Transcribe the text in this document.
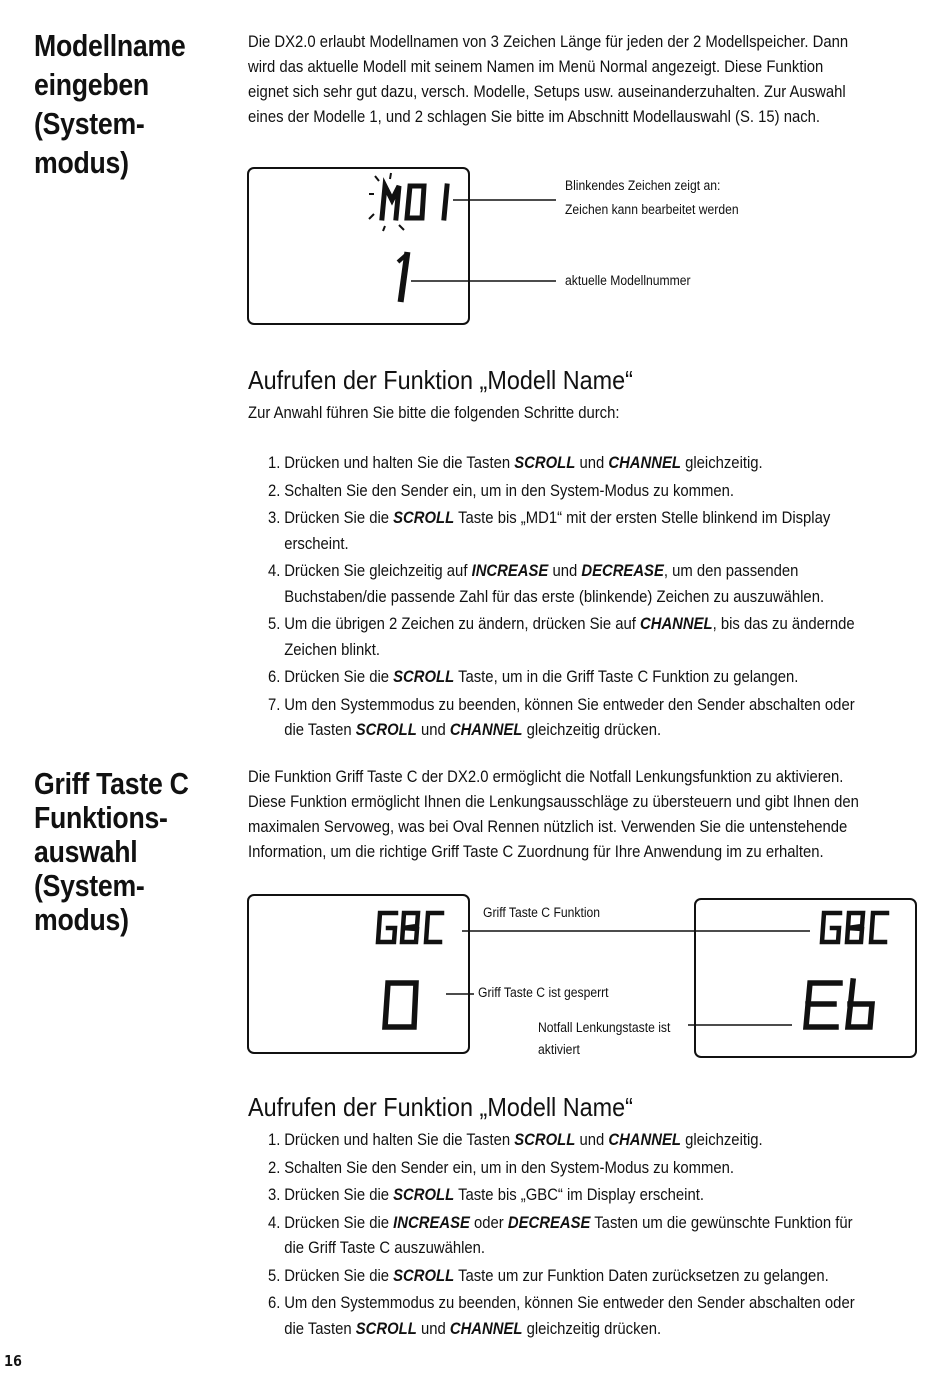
Modellname
eingeben
(System-
modus)
Die DX2.0 erlaubt Modellnamen von 3 Zeichen Länge für jeden der 2 Modellspeicher. Dann
wird das aktuelle Modell mit seinem Namen im Menü Normal angezeigt. Diese Funktion
eignet sich sehr gut dazu, versch. Modelle, Setups usw. auseinanderzuhalten. Zur Auswahl
eines der Modelle 1, und 2 schlagen Sie bitte im Abschnitt Modellauswahl (S. 15) nach.
Blinkendes Zeichen zeigt an:
Zeichen kann bearbeitet werden
aktuelle Modellnummer
Aufrufen der Funktion „Modell Name“
Zur Anwahl führen Sie bitte die folgenden Schritte durch:
1. Drücken und halten Sie die Tasten SCROLL und CHANNEL gleichzeitig.
2. Schalten Sie den Sender ein, um in den System-Modus zu kommen.
3. Drücken Sie die SCROLL Taste bis „MD1“ mit der ersten Stelle blinkend im Display
erscheint.
4. Drücken Sie gleichzeitig auf INCREASE und DECREASE, um den passenden
Buchstaben/die passende Zahl für das erste (blinkende) Zeichen zu auszuwählen.
5. Um die übrigen 2 Zeichen zu ändern, drücken Sie auf CHANNEL, bis das zu ändernde
Zeichen blinkt.
6. Drücken Sie die SCROLL Taste, um in die Griff Taste C Funktion zu gelangen.
7. Um den Systemmodus zu beenden, können Sie entweder den Sender abschalten oder
die Tasten SCROLL und CHANNEL gleichzeitig drücken.
Griff Taste C
Funktions-
auswahl
(System-
modus)
Die Funktion Griff Taste C der DX2.0 ermöglicht die Notfall Lenkungsfunktion zu aktivieren.
Diese Funktion ermöglicht Ihnen die Lenkungsausschläge zu übersteuern und gibt Ihnen den
maximalen Servoweg, was bei Oval Rennen nützlich ist. Verwenden Sie die untenstehende
Information, um die richtige Griff Taste C Zuordnung für Ihre Anwendung im zu erhalten.
Griff Taste C Funktion
Griff Taste C ist gesperrt
Notfall Lenkungstaste ist
aktiviert
Aufrufen der Funktion „Modell Name“
1. Drücken und halten Sie die Tasten SCROLL und CHANNEL gleichzeitig.
2. Schalten Sie den Sender ein, um in den System-Modus zu kommen.
3. Drücken Sie die SCROLL Taste bis „GBC“ im Display erscheint.
4. Drücken Sie die INCREASE oder DECREASE Tasten um die gewünschte Funktion für
die Griff Taste C auszuwählen.
5. Drücken Sie die SCROLL Taste um zur Funktion Daten zurücksetzen zu gelangen.
6. Um den Systemmodus zu beenden, können Sie entweder den Sender abschalten oder
die Tasten SCROLL und CHANNEL gleichzeitig drücken.
16
